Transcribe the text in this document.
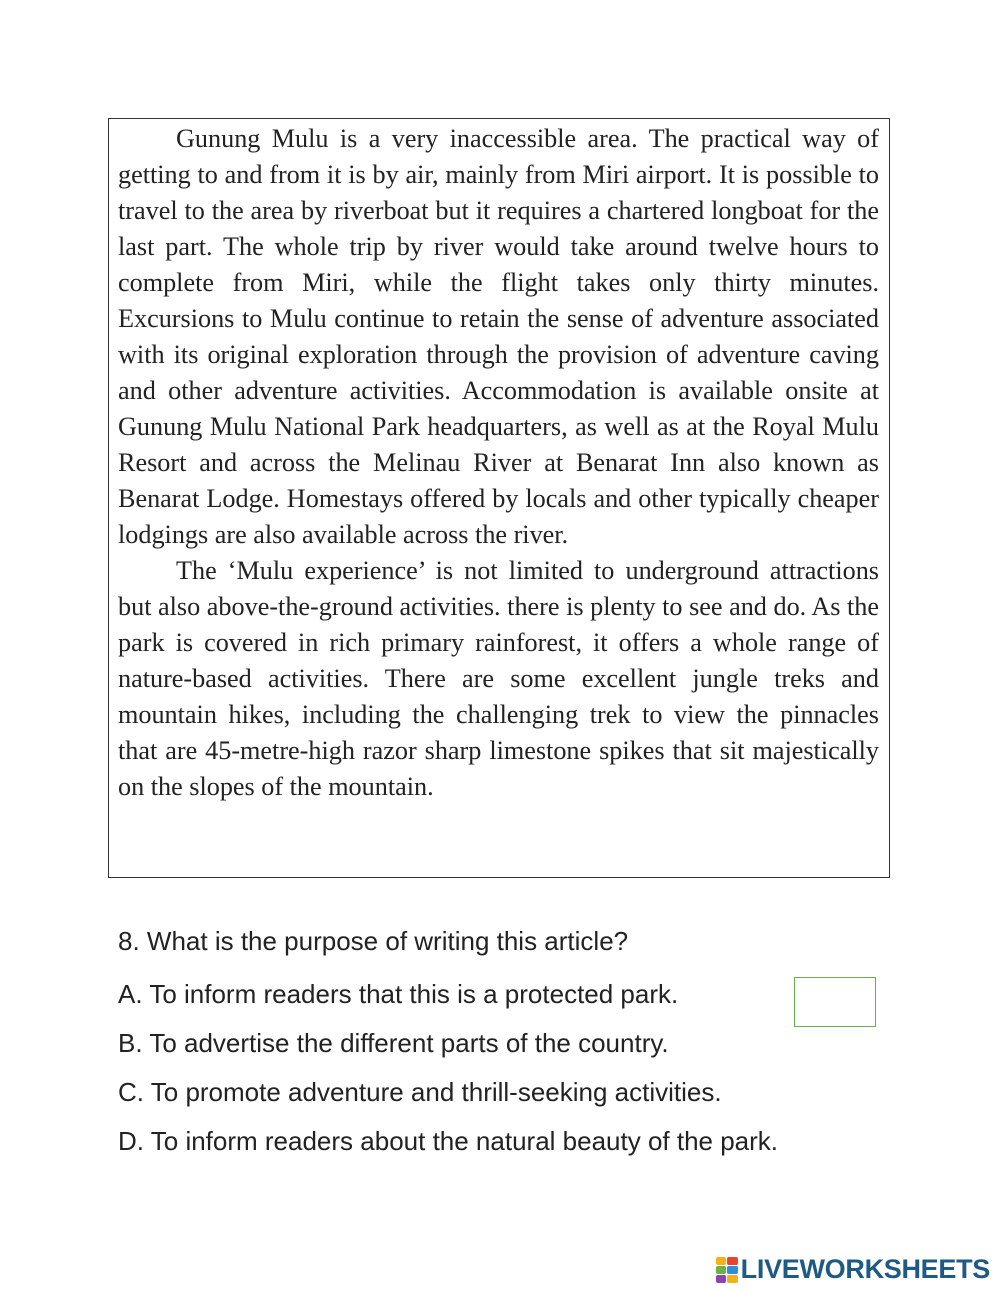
Gunung Mulu is a very inaccessible area. The practical way of getting to and from it is by air, mainly from Miri airport. It is possible to travel to the area by riverboat but it requires a chartered longboat for the last part. The whole trip by river would take around twelve hours to complete from Miri, while the flight takes only thirty minutes. Excursions to Mulu continue to retain the sense of adventure associated with its original exploration through the provision of adventure caving and other adventure activities. Accommodation is available onsite at Gunung Mulu National Park headquarters, as well as at the Royal Mulu Resort and across the Melinau River at Benarat Inn also known as Benarat Lodge. Homestays offered by locals and other typically cheaper lodgings are also available across the river.

The ‘Mulu experience’ is not limited to underground attractions but also above-the-ground activities. there is plenty to see and do. As the park is covered in rich primary rainforest, it offers a whole range of nature-based activities. There are some excellent jungle treks and mountain hikes, including the challenging trek to view the pinnacles that are 45-metre-high razor sharp limestone spikes that sit majestically on the slopes of the mountain.

8. What is the purpose of writing this article?

A. To inform readers that this is a protected park.
B. To advertise the different parts of the country.
C. To promote adventure and thrill-seeking activities.
D. To inform readers about the natural beauty of the park.
LIVEWORKSHEETS
